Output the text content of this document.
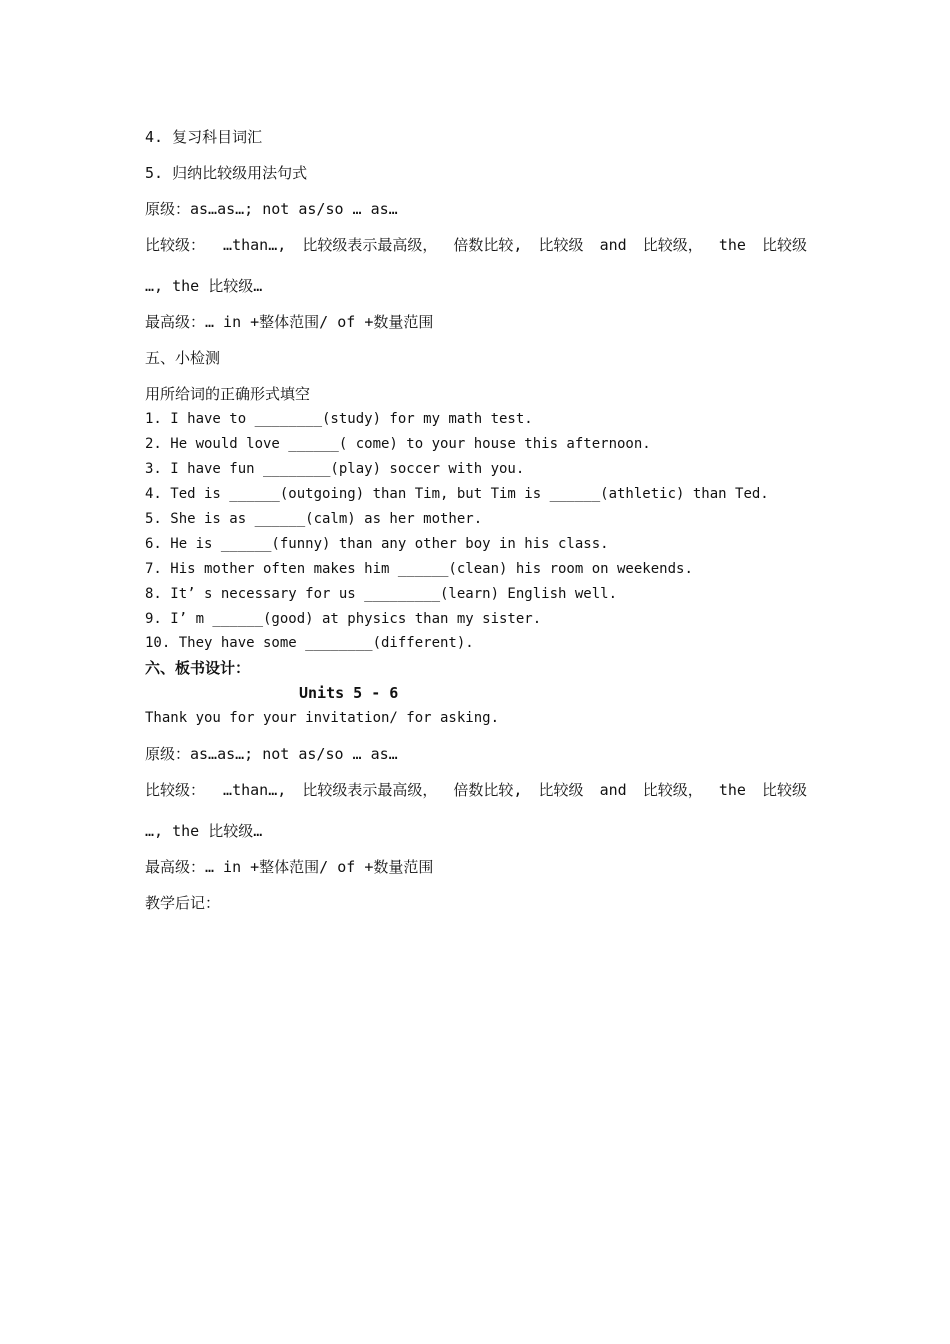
4. 复习科目词汇
5. 归纳比较级用法句式
原级：as…as…; not as/so … as…
比较级：  …than…, 比较级表示最高级， 倍数比较, 比较级 and 比较级， the 比较级
…, the 比较级…
最高级：… in +整体范围/ of +数量范围
五、小检测
用所给词的正确形式填空
1. I have to ________(study) for my math test.
2. He would love ______( come) to your house this afternoon.
3. I have fun ________(play) soccer with you.
4. Ted is ______(outgoing) than Tim, but Tim is ______(athletic) than Ted.
5. She is as ______(calm) as her mother.
6. He is ______(funny) than any other boy in his class.
7. His mother often makes him ______(clean) his room on weekends.
8. It’ s necessary for us _________(learn) English well.
9. I’ m ______(good) at physics than my sister.
10. They have some ________(different).
六、板书设计：
Units 5 - 6
Thank you for your invitation/ for asking.
原级：as…as…; not as/so … as…
比较级：  …than…, 比较级表示最高级， 倍数比较, 比较级 and 比较级， the 比较级
…, the 比较级…
最高级：… in +整体范围/ of +数量范围
教学后记：
